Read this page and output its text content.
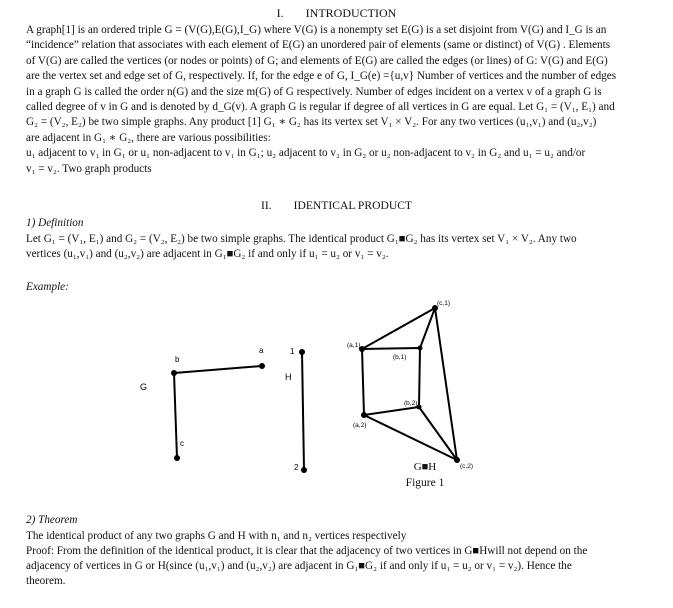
I. INTRODUCTION
A graph[1] is an ordered triple G = (V(G),E(G),I_G) where V(G) is a nonempty set E(G) is a set disjoint from V(G) and I_G is an
“incidence” relation that associates with each element of E(G) an unordered pair of elements (same or distinct) of V(G) . Elements
of V(G) are called the vertices (or nodes or points) of G; and elements of E(G) are called the edges (or lines) of G: V(G) and E(G)
are the vertex set and edge set of G, respectively. If, for the edge e of G, I_G(e) ={u,v} Number of vertices and the number of edges
in a graph G is called the order n(G) and the size m(G) of G respectively. Number of edges incident on a vertex v of a graph G is
called degree of v in G and is denoted by d_G(v). A graph G is regular if degree of all vertices in G are equal. Let G₁ = (V₁, E₁) and
G₂ = (V₂, E₂) be two simple graphs. Any product [1] G₁ ∗ G₂ has its vertex set V₁ × V₂. For any two vertices (u₁,v₁) and (u₂,v₂)
are adjacent in G₁ ∗ G₂, there are various possibilities:
u₁ adjacent to v₁ in G₁ or u₁ non-adjacent to v₁ in G₁; u₂ adjacent to v₂ in G₂ or u₂ non-adjacent to v₂ in G₂ and u₁ = u₂ and/or
v₁ = v₂. Two graph products
II. IDENTICAL PRODUCT
1) Definition
Let G₁ = (V₁, E₁) and G₂ = (V₂, E₂) be two simple graphs. The identical product G₁■G₂ has its vertex set V₁ × V₂. Any two
vertices (u₁,v₁) and (u₂,v₂) are adjacent in G₁■G₂ if and only if u₁ = u₂ or v₁ = v₂.
Example:
a
b
c
G
1
2
H
(a,1)
(b,1)
(c,1)
(a,2)
(b,2)
(c,2)
G■H
Figure 1
2) Theorem
The identical product of any two graphs G and H with n₁ and n₂ vertices respectively
Proof: From the definition of the identical product, it is clear that the adjacency of two vertices in G■Hwill not depend on the
adjacency of vertices in G or H(since (u₁,v₁) and (u₂,v₂) are adjacent in G₁■G₂ if and only if u₁ = u₂ or v₁ = v₂). Hence the
theorem.
